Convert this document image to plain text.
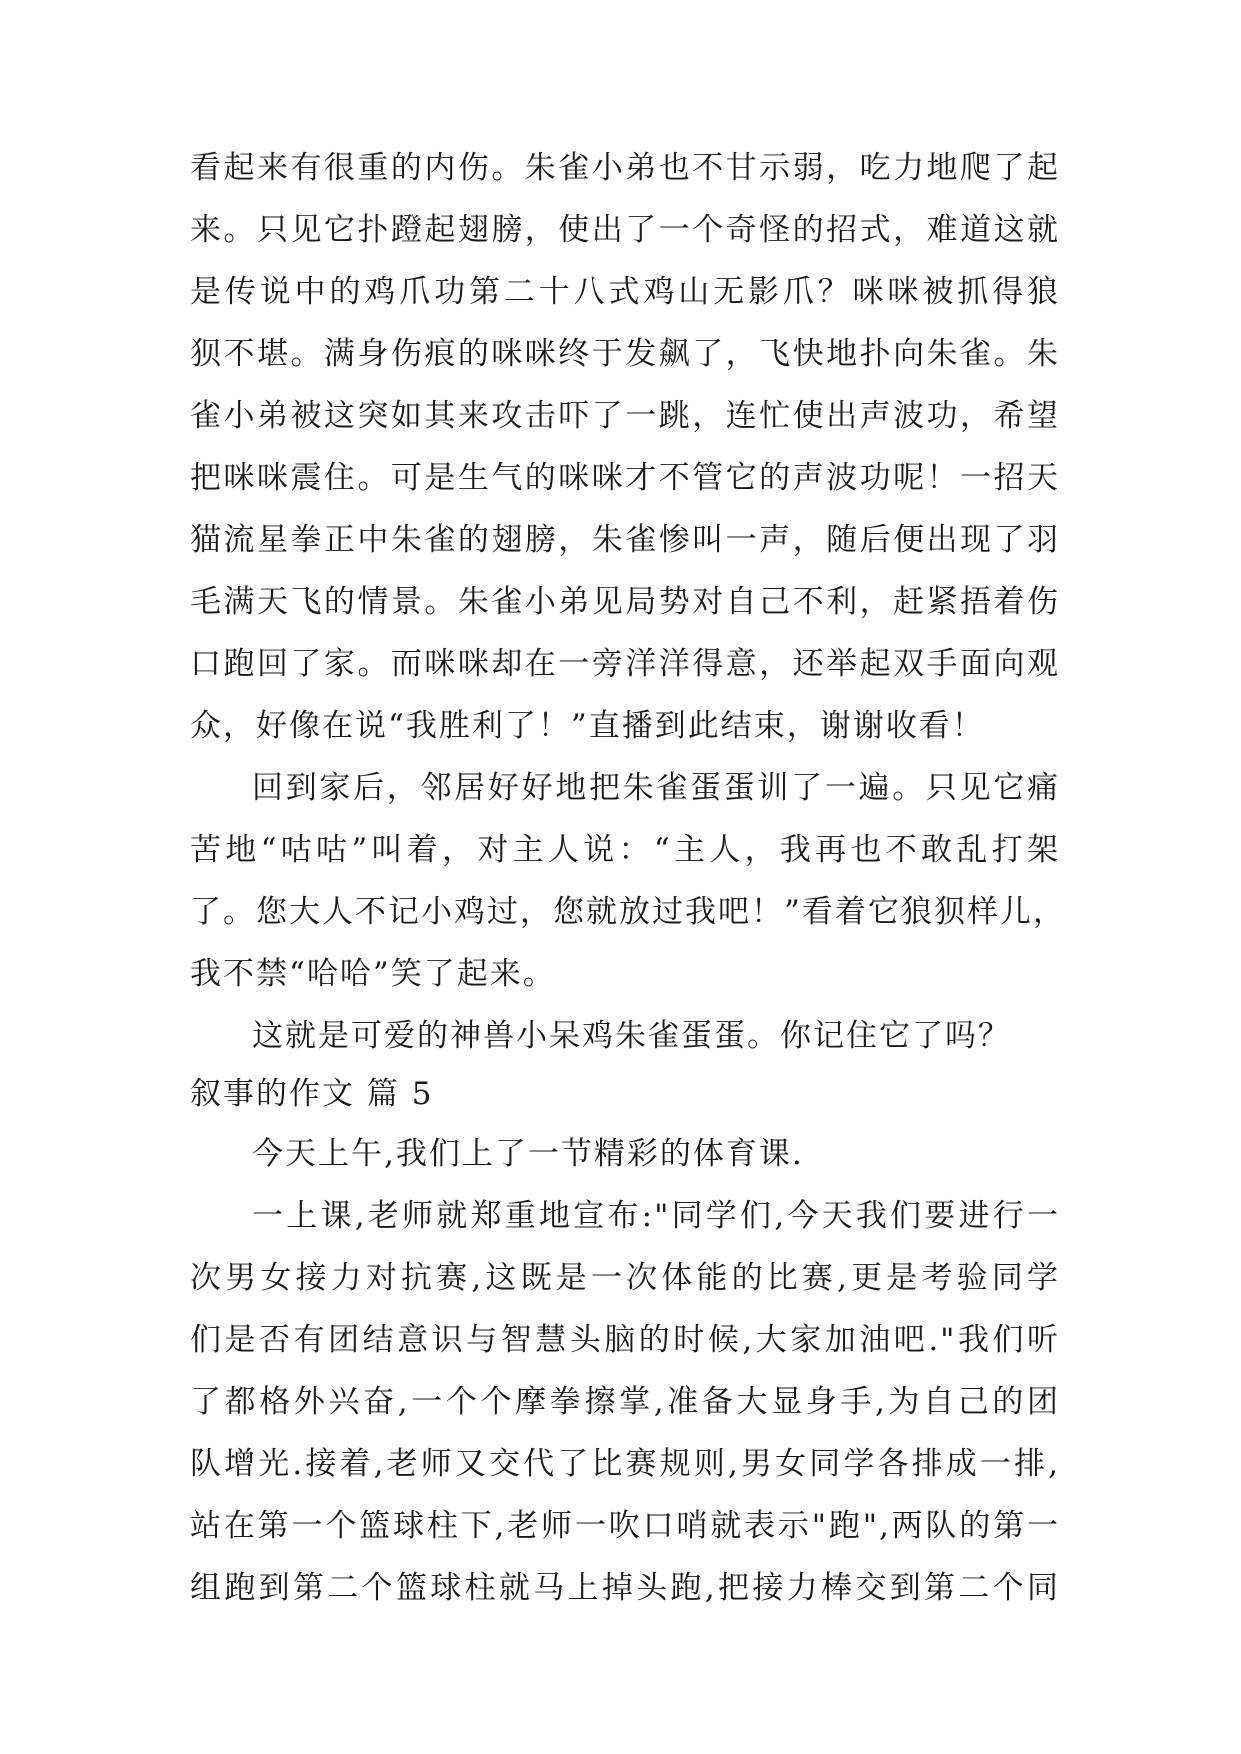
看起来有很重的内伤。朱雀小弟也不甘示弱，吃力地爬了起
来。只见它扑蹬起翅膀，使出了一个奇怪的招式，难道这就
是传说中的鸡爪功第二十八式鸡山无影爪？咪咪被抓得狼
狈不堪。满身伤痕的咪咪终于发飙了，飞快地扑向朱雀。朱
雀小弟被这突如其来攻击吓了一跳，连忙使出声波功，希望
把咪咪震住。可是生气的咪咪才不管它的声波功呢！一招天
猫流星拳正中朱雀的翅膀，朱雀惨叫一声，随后便出现了羽
毛满天飞的情景。朱雀小弟见局势对自己不利，赶紧捂着伤
口跑回了家。而咪咪却在一旁洋洋得意，还举起双手面向观
众，好像在说“我胜利了！”直播到此结束，谢谢收看！
回到家后，邻居好好地把朱雀蛋蛋训了一遍。只见它痛
苦地“咕咕”叫着，对主人说：“主人，我再也不敢乱打架
了。您大人不记小鸡过，您就放过我吧！”看着它狼狈样儿，
我不禁“哈哈”笑了起来。
这就是可爱的神兽小呆鸡朱雀蛋蛋。你记住它了吗？
叙事的作文 篇 5
今天上午,我们上了一节精彩的体育课.
一上课,老师就郑重地宣布:"同学们,今天我们要进行一
次男女接力对抗赛,这既是一次体能的比赛,更是考验同学
们是否有团结意识与智慧头脑的时候,大家加油吧."我们听
了都格外兴奋,一个个摩拳擦掌,准备大显身手,为自己的团
队增光.接着,老师又交代了比赛规则,男女同学各排成一排,
站在第一个篮球柱下,老师一吹口哨就表示"跑",两队的第一
组跑到第二个篮球柱就马上掉头跑,把接力棒交到第二个同
